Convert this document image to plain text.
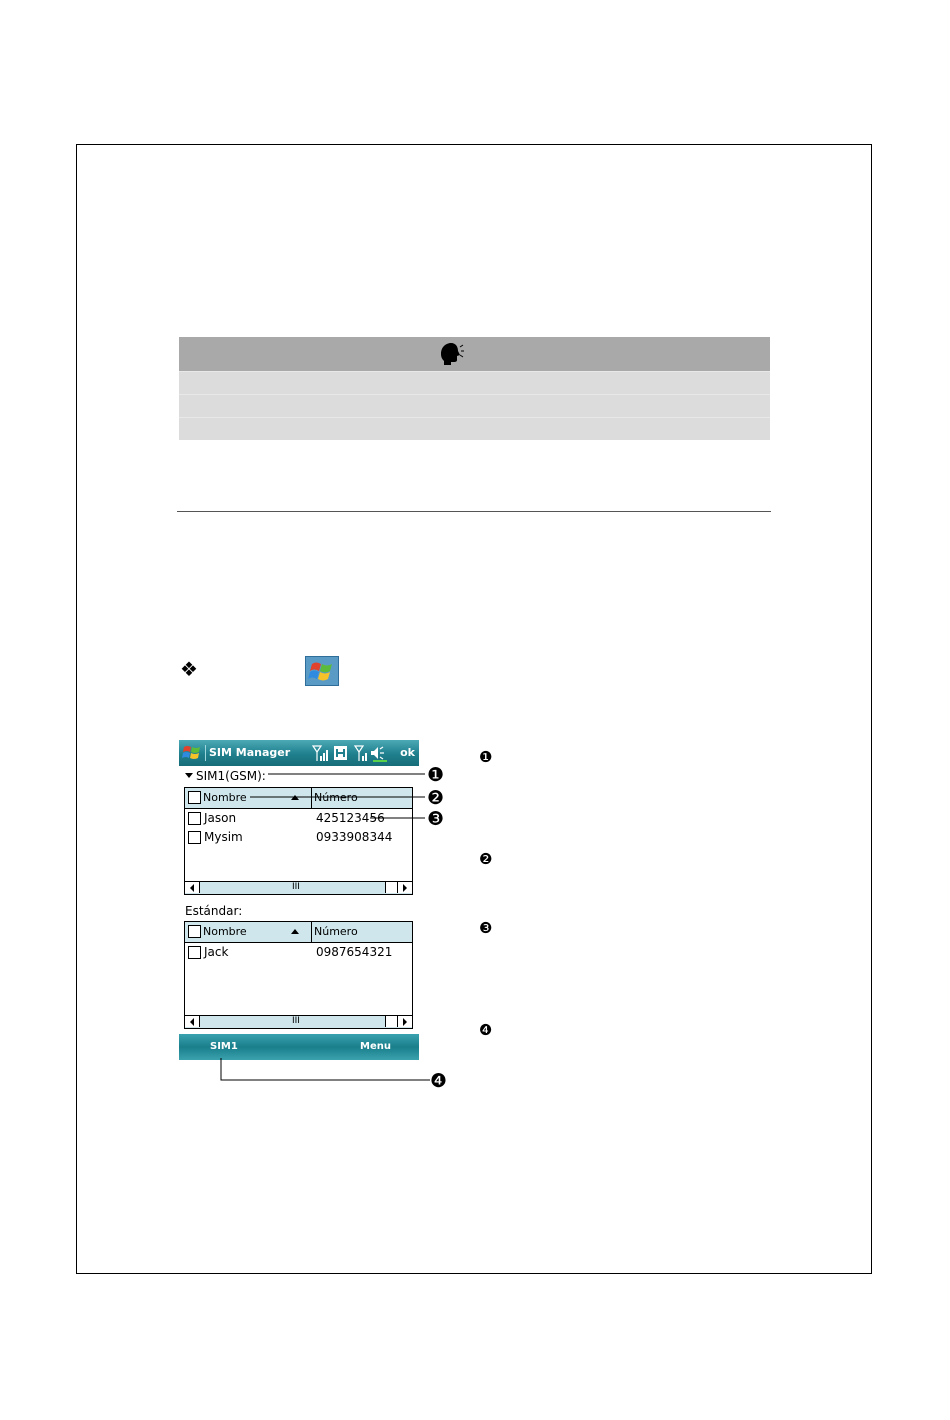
❖
SIM Manager	ok
SIM1(GSM):
Nombre	Número
Jason	425123456
Mysim	0933908344
III
Estándar:
Nombre	Número
Jack	0987654321
III
SIM1	Menu
❶
❷
❸
❹
❶
❷
❸
❹
